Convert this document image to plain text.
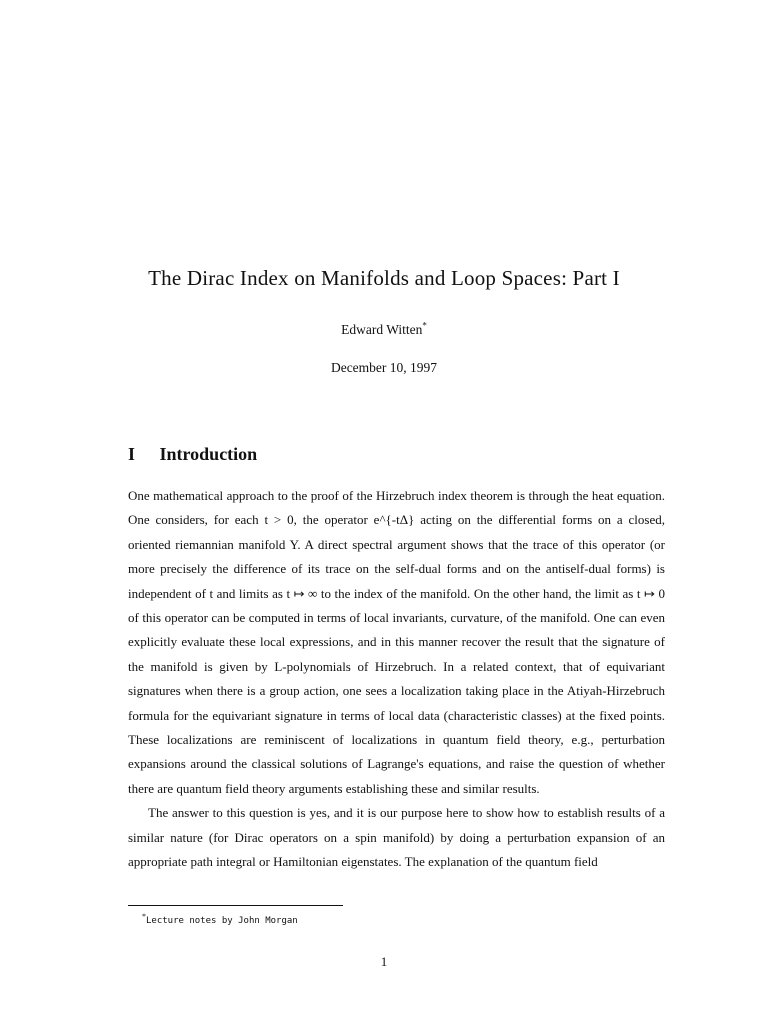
The Dirac Index on Manifolds and Loop Spaces: Part I
Edward Witten*
December 10, 1997
I Introduction

One mathematical approach to the proof of the Hirzebruch index theorem is through the heat equation. One considers, for each t > 0, the operator e^{-tΔ} acting on the differential forms on a closed, oriented riemannian manifold Y. A direct spectral argument shows that the trace of this operator (or more precisely the difference of its trace on the self-dual forms and on the antiself-dual forms) is independent of t and limits as t ↦ ∞ to the index of the manifold. On the other hand, the limit as t ↦ 0 of this operator can be computed in terms of local invariants, curvature, of the manifold. One can even explicitly evaluate these local expressions, and in this manner recover the result that the signature of the manifold is given by L-polynomials of Hirzebruch. In a related context, that of equivariant signatures when there is a group action, one sees a localization taking place in the Atiyah-Hirzebruch formula for the equivariant signature in terms of local data (characteristic classes) at the fixed points. These localizations are reminiscent of localizations in quantum field theory, e.g., perturbation expansions around the classical solutions of Lagrange's equations, and raise the question of whether there are quantum field theory arguments establishing these and similar results.

The answer to this question is yes, and it is our purpose here to show how to establish results of a similar nature (for Dirac operators on a spin manifold) by doing a perturbation expansion of an appropriate path integral or Hamiltonian eigenstates. The explanation of the quantum field

*Lecture notes by John Morgan
1
